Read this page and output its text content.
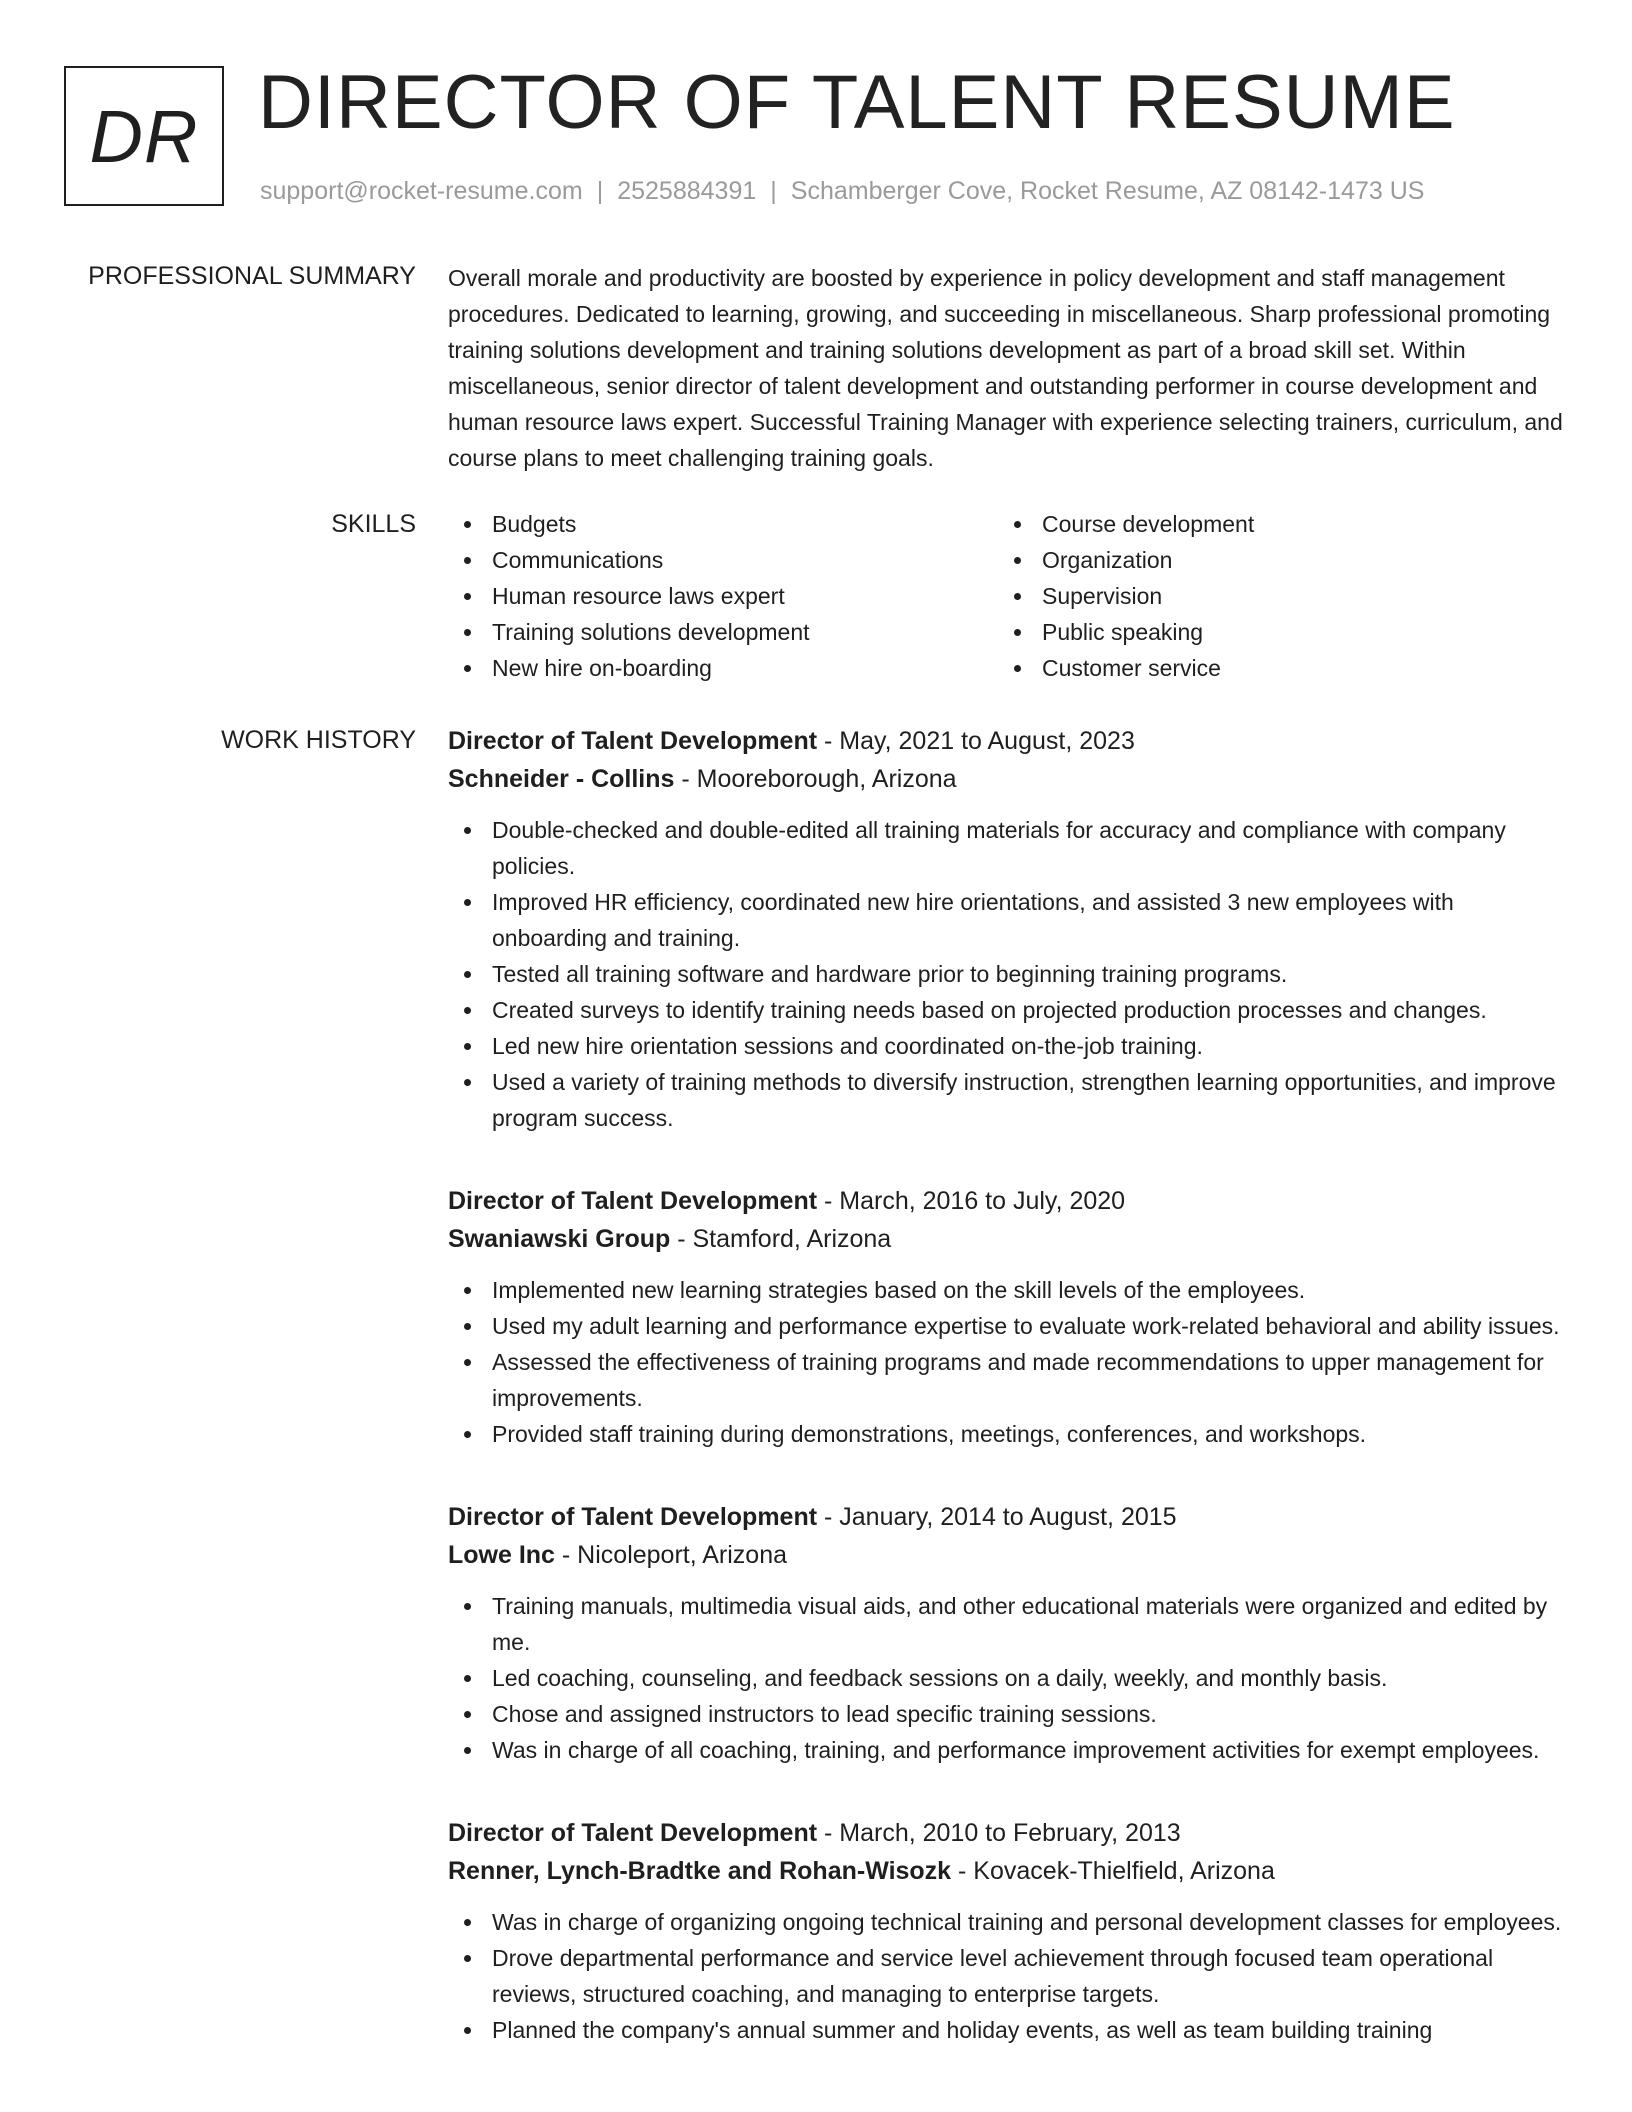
DR DIRECTOR OF TALENT RESUME
support@rocket-resume.com | 2525884391 | Schamberger Cove, Rocket Resume, AZ 08142-1473 US
PROFESSIONAL SUMMARY Overall morale and productivity are boosted by experience in policy development and staff management procedures. Dedicated to learning, growing, and succeeding in miscellaneous. Sharp professional promoting training solutions development and training solutions development as part of a broad skill set. Within miscellaneous, senior director of talent development and outstanding performer in course development and human resource laws expert. Successful Training Manager with experience selecting trainers, curriculum, and course plans to meet challenging training goals.

SKILLS	Budgets
Communications
Human resource laws expert
Training solutions development
New hire on-boarding
Course development
Organization
Supervision
Public speaking
Customer service
WORK HISTORY Director of Talent Development - May, 2021 to August, 2023
Schneider - Collins - Mooreborough, Arizona
Double-checked and double-edited all training materials for accuracy and compliance with company policies.
Improved HR efficiency, coordinated new hire orientations, and assisted 3 new employees with onboarding and training.
Tested all training software and hardware prior to beginning training programs.
Created surveys to identify training needs based on projected production processes and changes.
Led new hire orientation sessions and coordinated on-the-job training.
Used a variety of training methods to diversify instruction, strengthen learning opportunities, and improve program success.
Director of Talent Development - March, 2016 to July, 2020
Swaniawski Group - Stamford, Arizona
Implemented new learning strategies based on the skill levels of the employees.
Used my adult learning and performance expertise to evaluate work-related behavioral and ability issues.
Assessed the effectiveness of training programs and made recommendations to upper management for improvements.
Provided staff training during demonstrations, meetings, conferences, and workshops.
Director of Talent Development - January, 2014 to August, 2015
Lowe Inc - Nicoleport, Arizona
Training manuals, multimedia visual aids, and other educational materials were organized and edited by me.
Led coaching, counseling, and feedback sessions on a daily, weekly, and monthly basis.
Chose and assigned instructors to lead specific training sessions.
Was in charge of all coaching, training, and performance improvement activities for exempt employees.
Director of Talent Development - March, 2010 to February, 2013
Renner, Lynch-Bradtke and Rohan-Wisozk - Kovacek-Thielfield, Arizona
Was in charge of organizing ongoing technical training and personal development classes for employees.
Drove departmental performance and service level achievement through focused team operational reviews, structured coaching, and managing to enterprise targets.
Planned the company's annual summer and holiday events, as well as team building training
